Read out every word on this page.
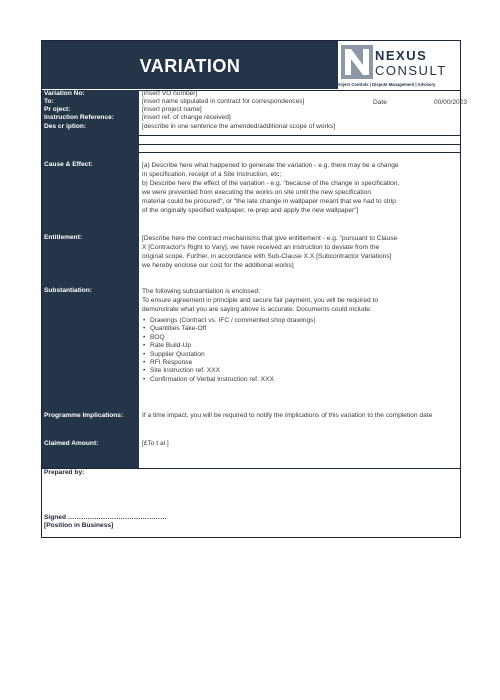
VARIATION
NEXUS
CONSULT
Project Controls | Dispute Management | Advisory
Variation No:	[insert VO number]
To:	[insert name stipulated in contract for correspondences]
Pr oject:	[insert project name]
Instruction Reference:	[insert ref. of change received]
Des cr iption:	[describe in one sentence the amended/additional scope of works]
Date	00/00/2023
Cause & Effect:	[a) Describe here what happened to generate the variation - e.g. there may be a change

in specification, receipt of a Site Instruction, etc;

b) Describe here the effect of the variation - e.g. "because of the change in specification,

we were prevented from executing the works on site until the new specification

material could be procured", or "the late change in wallpaper meant that we had to strip

of the originally specified wallpaper, re-prep and apply the new wallpaper"]

Entitlement:	[Describe here the contract mechanisms that give entitlement - e.g. "pursuant to Clause

X [Contractor's Right to Vary], we have received an instruction to deviate from the

original scope. Further, in accordance with Sub-Clause X.X [Subcontractor Variations]

we hereby enclose our cost for the additional works]

Substantiation:	The following substantiation is enclosed:

To ensure agreement in principle and secure fair payment, you will be required to

demonstrate what you are saying above is accurate. Documents could include:

• Drawings (Contract vs. IFC / commented shop drawings)
• Quantities Take-Off
• BOQ
• Rate Build-Up
• Supplier Quotation
• RFI Response
• Site Instruction ref. XXX
• Confirmation of Verbal Instruction ref. XXX
Programme Implications:	If a time impact, you will be required to notify the implications of this variation to the completion date
Claimed Amount:	[£To t al ]
Prepared by:
Signed ………………………………………
[Position in Business]
